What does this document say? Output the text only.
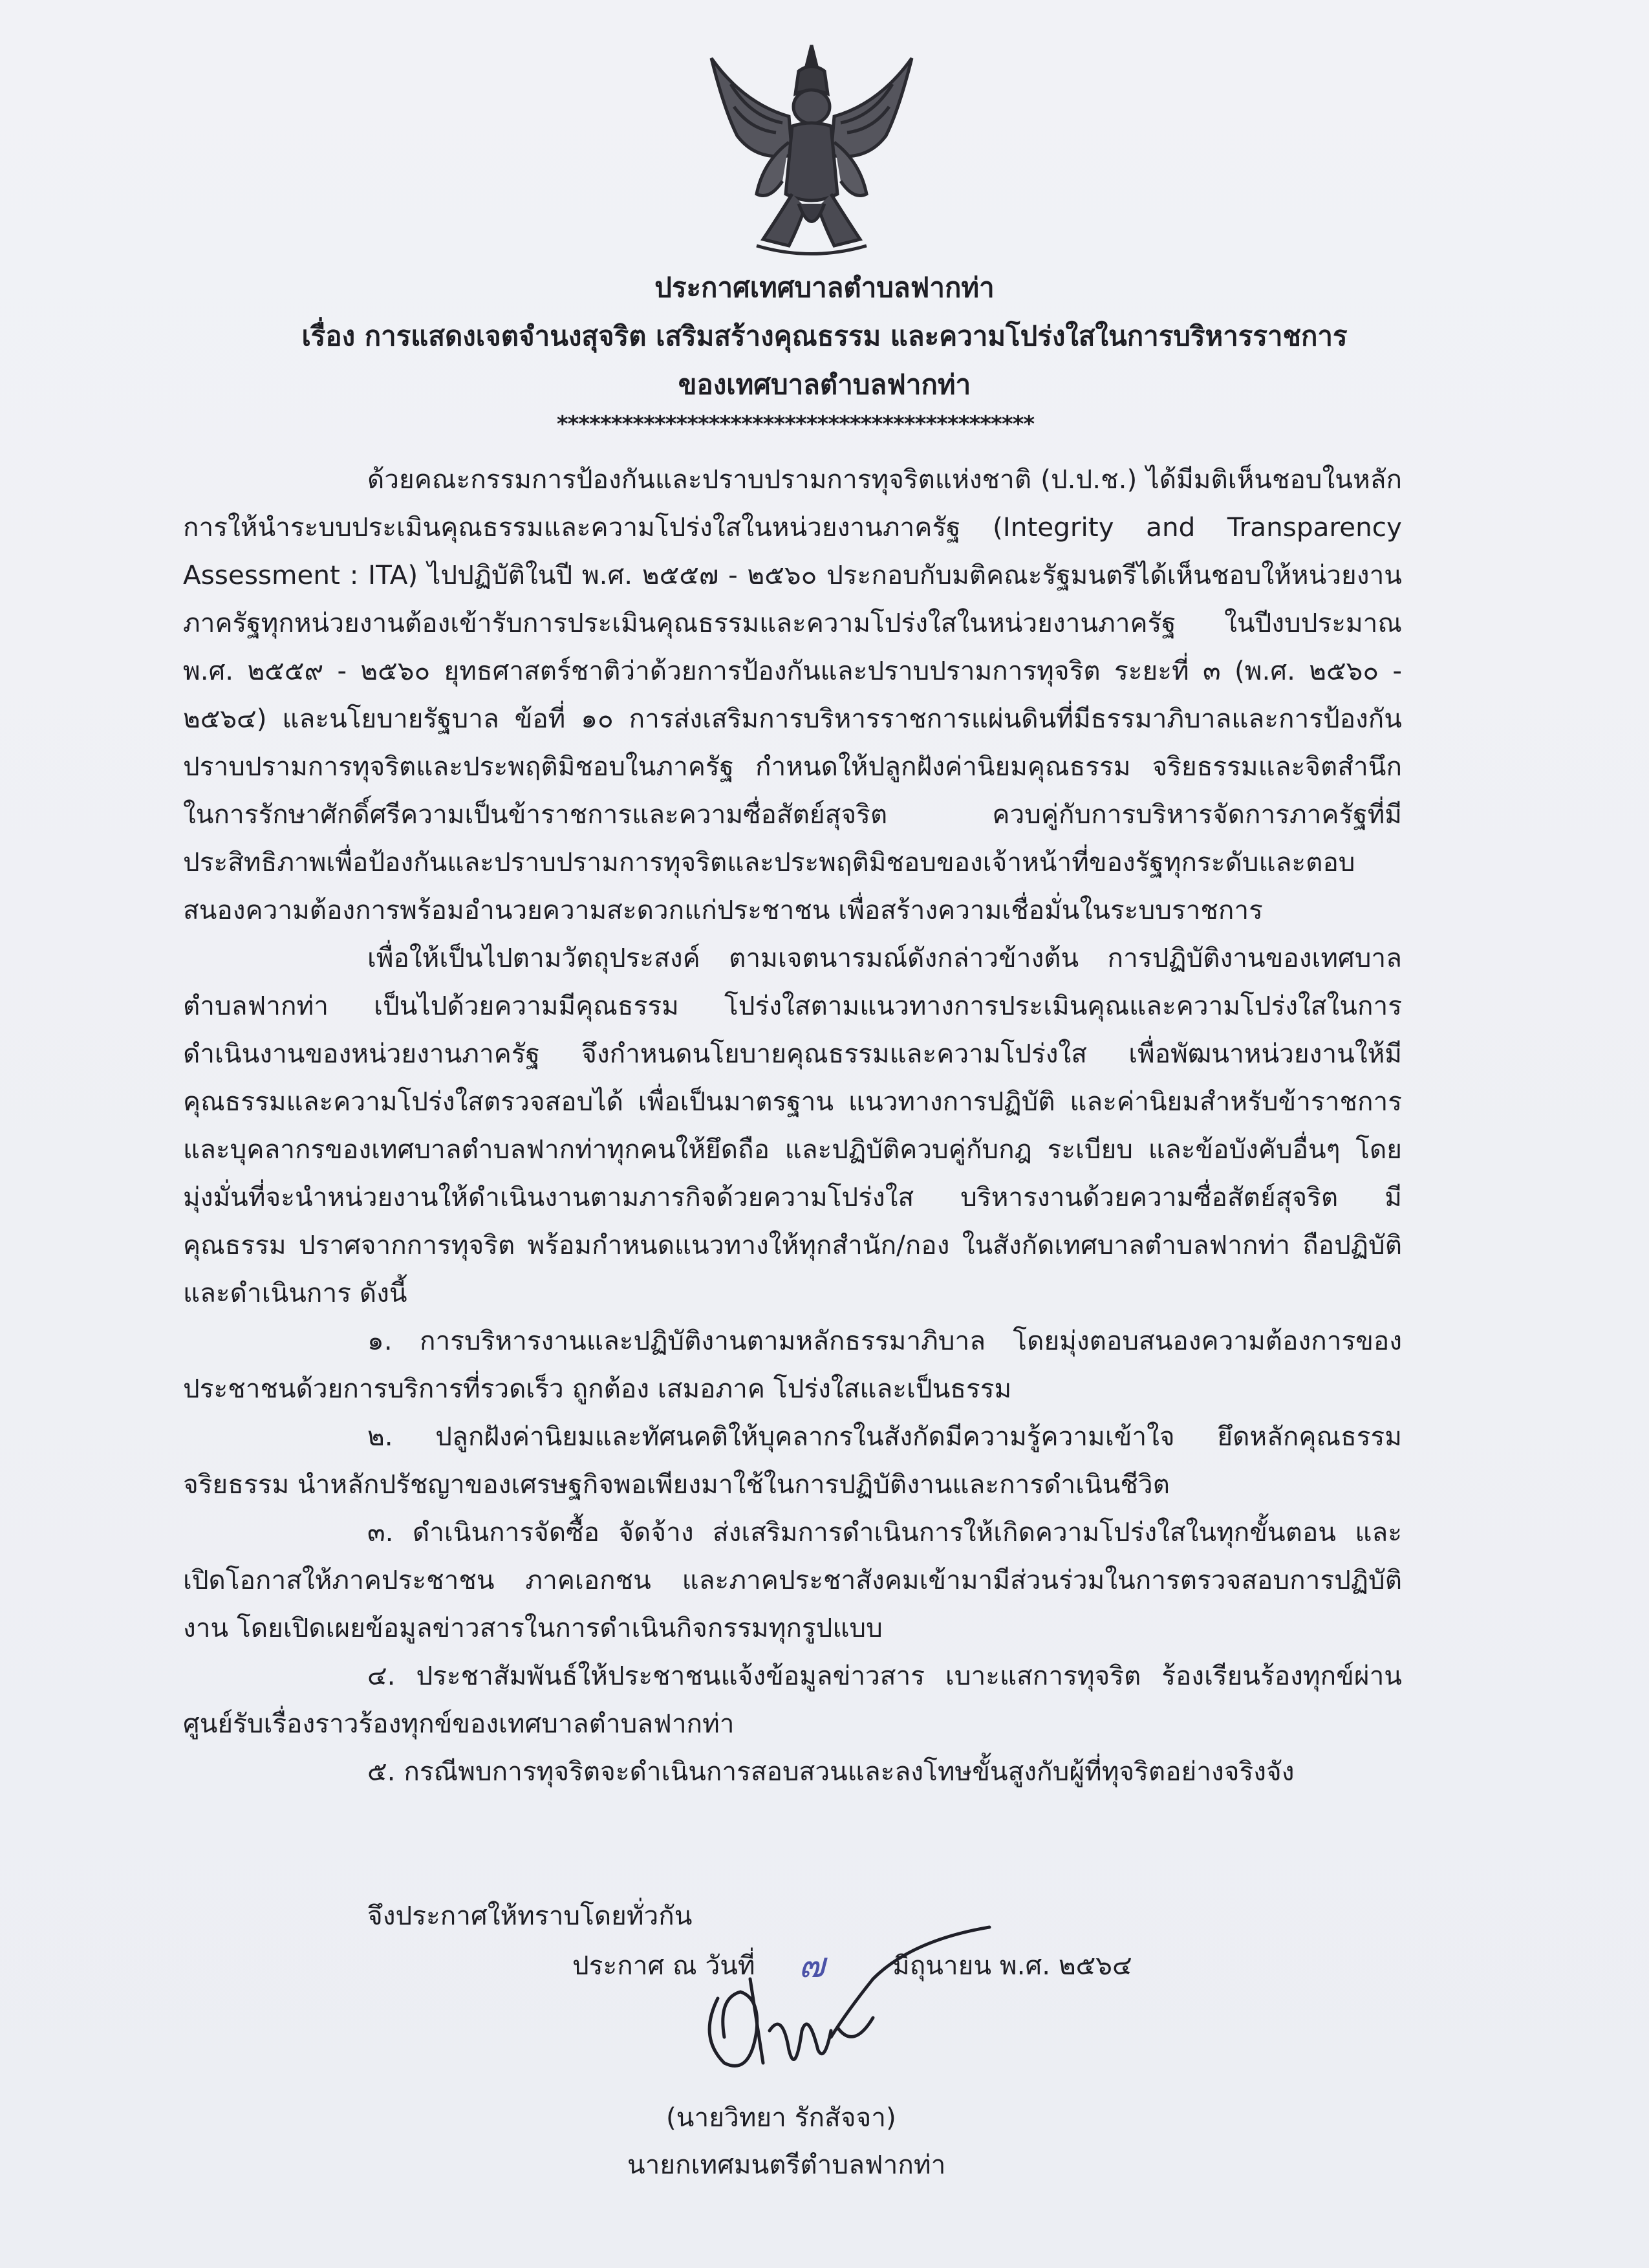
ประกาศเทศบาลตำบลฟากท่า
เรื่อง การแสดงเจตจำนงสุจริต เสริมสร้างคุณธรรม และความโปร่งใสในการบริหารราชการ
ของเทศบาลตำบลฟากท่า
********************************************

ด้วยคณะกรรมการป้องกันและปราบปรามการทุจริตแห่งชาติ (ป.ป.ช.) ได้มีมติเห็นชอบในหลักการให้นำระบบประเมินคุณธรรมและความโปร่งใสในหน่วยงานภาครัฐ (Integrity and Transparency Assessment : ITA) ไปปฏิบัติในปี พ.ศ. ๒๕๕๗ - ๒๕๖๐ ประกอบกับมติคณะรัฐมนตรีได้เห็นชอบให้หน่วยงานภาครัฐทุกหน่วยงานต้องเข้ารับการประเมินคุณธรรมและความโปร่งใสในหน่วยงานภาครัฐ ในปีงบประมาณ พ.ศ. ๒๕๕๙ - ๒๕๖๐ ยุทธศาสตร์ชาติว่าด้วยการป้องกันและปราบปรามการทุจริต ระยะที่ ๓ (พ.ศ. ๒๕๖๐ - ๒๕๖๔) และนโยบายรัฐบาล ข้อที่ ๑๐ การส่งเสริมการบริหารราชการแผ่นดินที่มีธรรมาภิบาลและการป้องกันปราบปรามการทุจริตและประพฤติมิชอบในภาครัฐ กำหนดให้ปลูกฝังค่านิยมคุณธรรม จริยธรรมและจิตสำนึกในการรักษาศักดิ์ศรีความเป็นข้าราชการและความซื่อสัตย์สุจริต ควบคู่กับการบริหารจัดการภาครัฐที่มีประสิทธิภาพเพื่อป้องกันและปราบปรามการทุจริตและประพฤติมิชอบของเจ้าหน้าที่ของรัฐทุกระดับและตอบสนองความต้องการพร้อมอำนวยความสะดวกแก่ประชาชน เพื่อสร้างความเชื่อมั่นในระบบราชการ

เพื่อให้เป็นไปตามวัตถุประสงค์ ตามเจตนารมณ์ดังกล่าวข้างต้น การปฏิบัติงานของเทศบาลตำบลฟากท่า เป็นไปด้วยความมีคุณธรรม โปร่งใสตามแนวทางการประเมินคุณและความโปร่งใสในการดำเนินงานของหน่วยงานภาครัฐ จึงกำหนดนโยบายคุณธรรมและความโปร่งใส เพื่อพัฒนาหน่วยงานให้มีคุณธรรมและความโปร่งใสตรวจสอบได้ เพื่อเป็นมาตรฐาน แนวทางการปฏิบัติ และค่านิยมสำหรับข้าราชการและบุคลากรของเทศบาลตำบลฟากท่าทุกคนให้ยึดถือ และปฏิบัติควบคู่กับกฎ ระเบียบ และข้อบังคับอื่นๆ โดยมุ่งมั่นที่จะนำหน่วยงานให้ดำเนินงานตามภารกิจด้วยความโปร่งใส บริหารงานด้วยความซื่อสัตย์สุจริต มีคุณธรรม ปราศจากการทุจริต พร้อมกำหนดแนวทางให้ทุกสำนัก/กอง ในสังกัดเทศบาลตำบลฟากท่า ถือปฏิบัติและดำเนินการ ดังนี้

๑. การบริหารงานและปฏิบัติงานตามหลักธรรมาภิบาล โดยมุ่งตอบสนองความต้องการของประชาชนด้วยการบริการที่รวดเร็ว ถูกต้อง เสมอภาค โปร่งใสและเป็นธรรม

๒. ปลูกฝังค่านิยมและทัศนคติให้บุคลากรในสังกัดมีความรู้ความเข้าใจ ยึดหลักคุณธรรมจริยธรรม นำหลักปรัชญาของเศรษฐกิจพอเพียงมาใช้ในการปฏิบัติงานและการดำเนินชีวิต

๓. ดำเนินการจัดซื้อ จัดจ้าง ส่งเสริมการดำเนินการให้เกิดความโปร่งใสในทุกขั้นตอน และเปิดโอกาสให้ภาคประชาชน ภาคเอกชน และภาคประชาสังคมเข้ามามีส่วนร่วมในการตรวจสอบการปฏิบัติงาน โดยเปิดเผยข้อมูลข่าวสารในการดำเนินกิจกรรมทุกรูปแบบ

๔. ประชาสัมพันธ์ให้ประชาชนแจ้งข้อมูลข่าวสาร เบาะแสการทุจริต ร้องเรียนร้องทุกข์ผ่านศูนย์รับเรื่องราวร้องทุกข์ของเทศบาลตำบลฟากท่า

๕. กรณีพบการทุจริตจะดำเนินการสอบสวนและลงโทษขั้นสูงกับผู้ที่ทุจริตอย่างจริงจัง

จึงประกาศให้ทราบโดยทั่วกัน
ประกาศ ณ วันที่ ๗	มิถุนายน พ.ศ. ๒๕๖๔
(นายวิทยา รักสัจจา)
นายกเทศมนตรีตำบลฟากท่า
